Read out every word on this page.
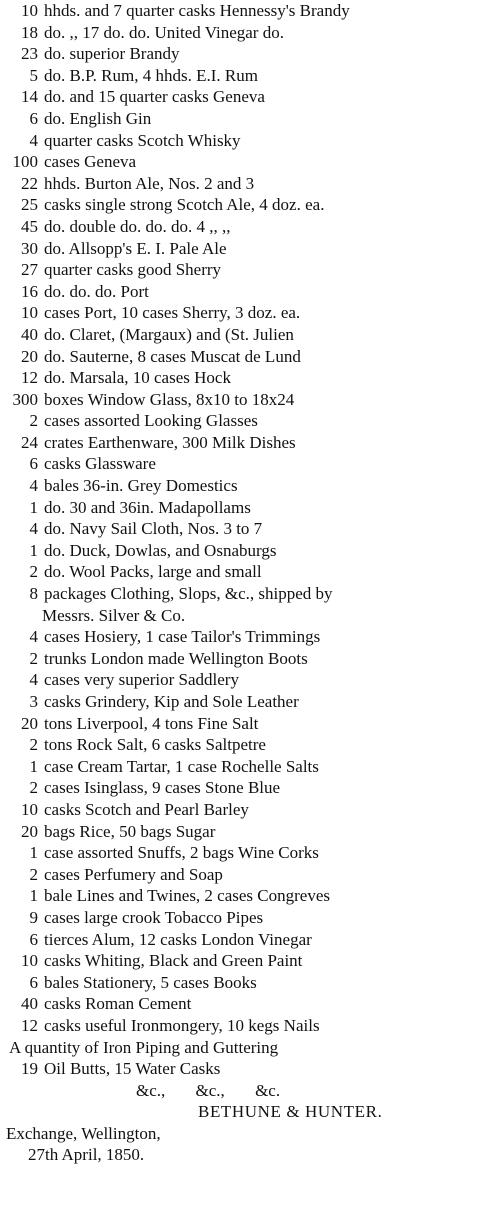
10 hhds. and 7 quarter casks Hennessy's Brandy
18 do. ,, 17 do. do. United Vinegar do.
23 do. superior Brandy
5 do. B.P. Rum, 4 hhds. E.I. Rum
14 do. and 15 quarter casks Geneva
6 do. English Gin
4 quarter casks Scotch Whisky
100 cases Geneva
22 hhds. Burton Ale, Nos. 2 and 3
25 casks single strong Scotch Ale, 4 doz. ea.
45 do. double do. do. do. 4 ,, ,,
30 do. Allsopp's E. I. Pale Ale
27 quarter casks good Sherry
16 do. do. do. Port
10 cases Port, 10 cases Sherry, 3 doz. ea.
40 do. Claret, (Margaux) and (St. Julien
20 do. Sauterne, 8 cases Muscat de Lund
12 do. Marsala, 10 cases Hock
300 boxes Window Glass, 8x10 to 18x24
2 cases assorted Looking Glasses
24 crates Earthenware, 300 Milk Dishes
6 casks Glassware
4 bales 36-in. Grey Domestics
1 do. 30 and 36in. Madapollams
4 do. Navy Sail Cloth, Nos. 3 to 7
1 do. Duck, Dowlas, and Osnaburgs
2 do. Wool Packs, large and small
8 packages Clothing, Slops, &c., shipped by
Messrs. Silver & Co.
4 cases Hosiery, 1 case Tailor's Trimmings
2 trunks London made Wellington Boots
4 cases very superior Saddlery
3 casks Grindery, Kip and Sole Leather
20 tons Liverpool, 4 tons Fine Salt
2 tons Rock Salt, 6 casks Saltpetre
1 case Cream Tartar, 1 case Rochelle Salts
2 cases Isinglass, 9 cases Stone Blue
10 casks Scotch and Pearl Barley
20 bags Rice, 50 bags Sugar
1 case assorted Snuffs, 2 bags Wine Corks
2 cases Perfumery and Soap
1 bale Lines and Twines, 2 cases Congreves
9 cases large crook Tobacco Pipes
6 tierces Alum, 12 casks London Vinegar
10 casks Whiting, Black and Green Paint
6 bales Stationery, 5 cases Books
40 casks Roman Cement
12 casks useful Ironmongery, 10 kegs Nails
A quantity of Iron Piping and Guttering
19 Oil Butts, 15 Water Casks
&c., &c., &c.
BETHUNE & HUNTER.
Exchange, Wellington,
27th April, 1850.
